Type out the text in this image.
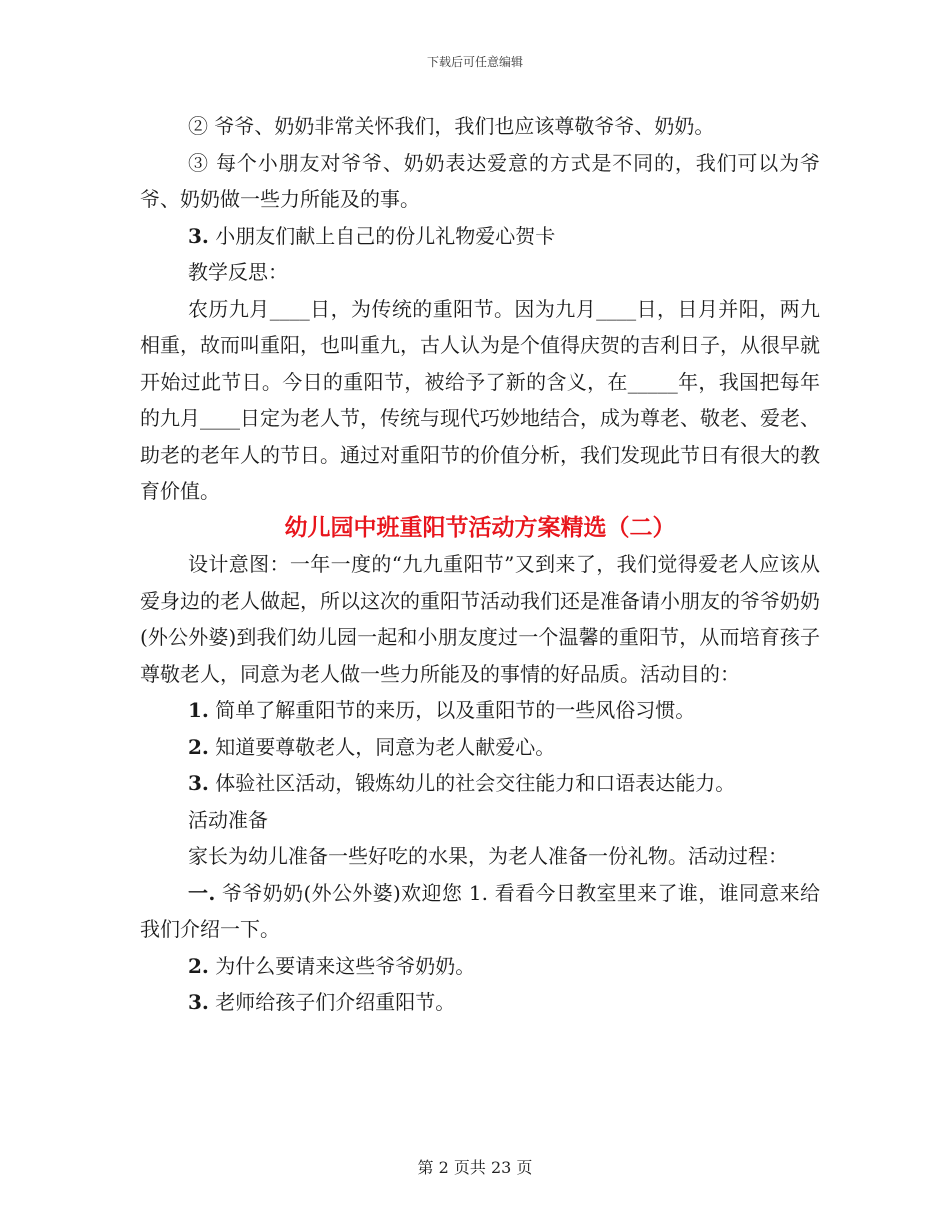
下载后可任意编辑

② 爷爷、奶奶非常关怀我们，我们也应该尊敬爷爷、奶奶。

③ 每个小朋友对爷爷、奶奶表达爱意的方式是不同的，我们可以为爷爷、奶奶做一些力所能及的事。

3. 小朋友们献上自己的份儿礼物爱心贺卡

教学反思：

农历九月____日，为传统的重阳节。因为九月____日，日月并阳，两九相重，故而叫重阳，也叫重九，古人认为是个值得庆贺的吉利日子，从很早就开始过此节日。今日的重阳节，被给予了新的含义，在_____年，我国把每年的九月____日定为老人节，传统与现代巧妙地结合，成为尊老、敬老、爱老、助老的老年人的节日。通过对重阳节的价值分析，我们发现此节日有很大的教育价值。

幼儿园中班重阳节活动方案精选（二）

设计意图：一年一度的“九九重阳节”又到来了，我们觉得爱老人应该从爱身边的老人做起，所以这次的重阳节活动我们还是准备请小朋友的爷爷奶奶(外公外婆)到我们幼儿园一起和小朋友度过一个温馨的重阳节，从而培育孩子尊敬老人，同意为老人做一些力所能及的事情的好品质。活动目的：

1. 简单了解重阳节的来历，以及重阳节的一些风俗习惯。

2. 知道要尊敬老人，同意为老人献爱心。

3. 体验社区活动，锻炼幼儿的社会交往能力和口语表达能力。

活动准备

家长为幼儿准备一些好吃的水果，为老人准备一份礼物。活动过程：

一. 爷爷奶奶(外公外婆)欢迎您 1. 看看今日教室里来了谁，谁同意来给我们介绍一下。

2. 为什么要请来这些爷爷奶奶。

3. 老师给孩子们介绍重阳节。

第 2 页共 23 页
